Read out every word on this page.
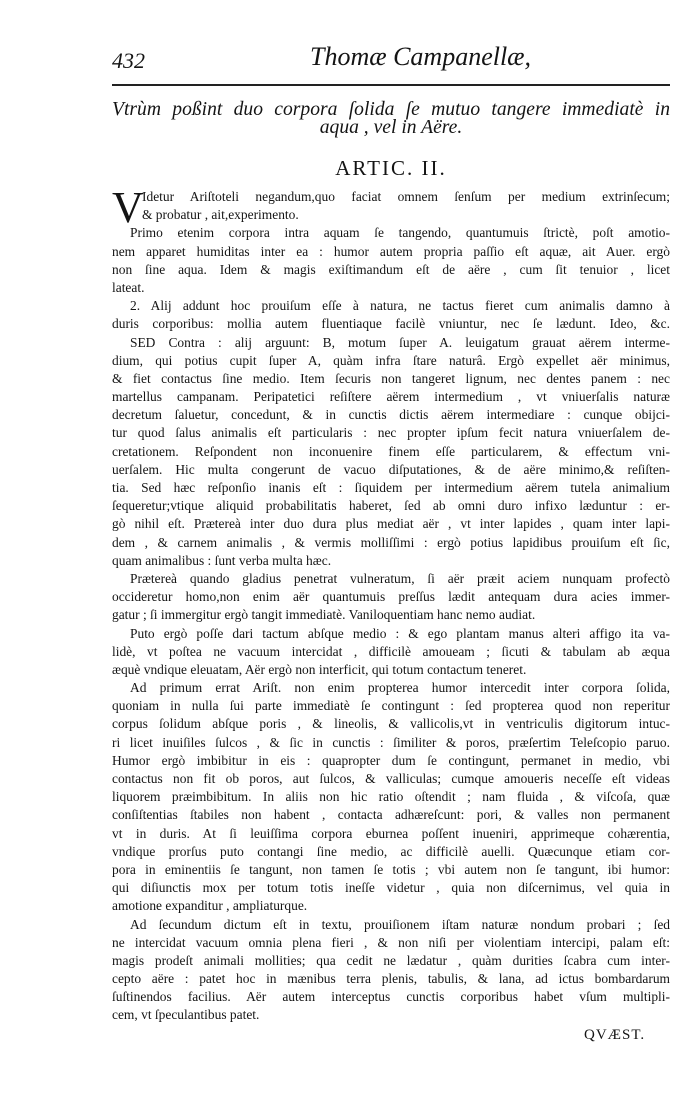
432	Thomæ Campanellæ,
Vtrùm poßint duo corpora ſolida ſe mutuo tangere immediatè in
aqua , vel in Aëre.
ARTIC. II.
V
Idetur Ariſtoteli negandum,quo faciat omnem ſenſum per medium extrinſecum;
& probatur , ait,experimento.
Primo etenim corpora intra aquam ſe tangendo, quantumuis ſtrictè, poſt amotio-
nem apparet humiditas inter ea : humor autem propria paſſio eſt aquæ, ait Auer. ergò
non ſine aqua. Idem & magis exiſtimandum eſt de aëre , cum ſit tenuior , licet
lateat.
2. Alij addunt hoc prouiſum eſſe à natura, ne tactus fieret cum animalis damno à
duris corporibus: mollia autem fluentiaque facilè vniuntur, nec ſe lædunt. Ideo, &c.
SED Contra : alij arguunt: B, motum ſuper A. leuigatum grauat aërem interme-
dium, qui potius cupit ſuper A, quàm infra ſtare naturâ. Ergò expellet aër minimus,
& fiet contactus ſine medio. Item ſecuris non tangeret lignum, nec dentes panem : nec
martellus campanam. Peripatetici reſiſtere aërem intermedium , vt vniuerſalis naturæ
decretum ſaluetur, concedunt, & in cunctis dictis aërem intermediare : cunque obijci-
tur quod ſalus animalis eſt particularis : nec propter ipſum fecit natura vniuerſalem de-
cretationem. Reſpondent non inconuenire finem eſſe particularem, & effectum vni-
uerſalem. Hic multa congerunt de vacuo diſputationes, & de aëre minimo,& reſiſten-
tia. Sed hæc reſponſio inanis eſt : ſiquidem per intermedium aërem tutela animalium
ſequeretur;vtique aliquid probabilitatis haberet, ſed ab omni duro infixo læduntur : er-
gò nihil eſt. Prætereà inter duo dura plus mediat aër , vt inter lapides , quam inter lapi-
dem , & carnem animalis , & vermis molliſſimi : ergò potius lapidibus prouiſum eſt ſic,
quam animalibus : ſunt verba multa hæc.
Prætereà quando gladius penetrat vulneratum, ſi aër præit aciem nunquam profectò
occideretur homo,non enim aër quantumuis preſſus lædit antequam dura acies immer-
gatur ; ſi immergitur ergò tangit immediatè. Vaniloquentiam hanc nemo audiat.
Puto ergò poſſe dari tactum abſque medio : & ego plantam manus alteri affigo ita va-
lidè, vt poſtea ne vacuum intercidat , difficilè amoueam ; ſicuti & tabulam ab æqua
æquè vndique eleuatam, Aër ergò non interficit, qui totum contactum teneret.
Ad primum errat Ariſt. non enim propterea humor intercedit inter corpora ſolida,
quoniam in nulla ſui parte immediatè ſe contingunt : ſed propterea quod non reperitur
corpus ſolidum abſque poris , & lineolis, & vallicolis,vt in ventriculis digitorum intuc-
ri licet inuiſiles ſulcos , & ſic in cunctis : ſimiliter & poros, præſertim Teleſcopio paruo.
Humor ergò imbibitur in eis : quapropter dum ſe contingunt, permanet in medio, vbi
contactus non fit ob poros, aut ſulcos, & valliculas; cumque amoueris neceſſe eſt videas
liquorem præimbibitum. In aliis non hic ratio oſtendit ; nam fluida , & viſcoſa, quæ
conſiſtentias ſtabiles non habent , contacta adhæreſcunt: pori, & valles non permanent
vt in duris. At ſi leuiſſima corpora eburnea poſſent inueniri, apprimeque cohærentia,
vndique prorſus puto contangi ſine medio, ac difficilè auelli. Quæcunque etiam cor-
pora in eminentiis ſe tangunt, non tamen ſe totis ; vbi autem non ſe tangunt, ibi humor:
qui diſiunctis mox per totum totis ineſſe videtur , quia non diſcernimus, vel quia in
amotione expanditur , ampliaturque.
Ad ſecundum dictum eſt in textu, prouiſionem iſtam naturæ nondum probari ; ſed
ne intercidat vacuum omnia plena fieri , & non niſi per violentiam intercipi, palam eſt:
magis prodeſt animali mollities; qua cedit ne lædatur , quàm durities ſcabra cum inter-
cepto aëre : patet hoc in mænibus terra plenis, tabulis, & lana, ad ictus bombardarum
ſuſtinendos facilius. Aër autem interceptus cunctis corporibus habet vſum multipli-
cem, vt ſpeculantibus patet.
QVÆST.
